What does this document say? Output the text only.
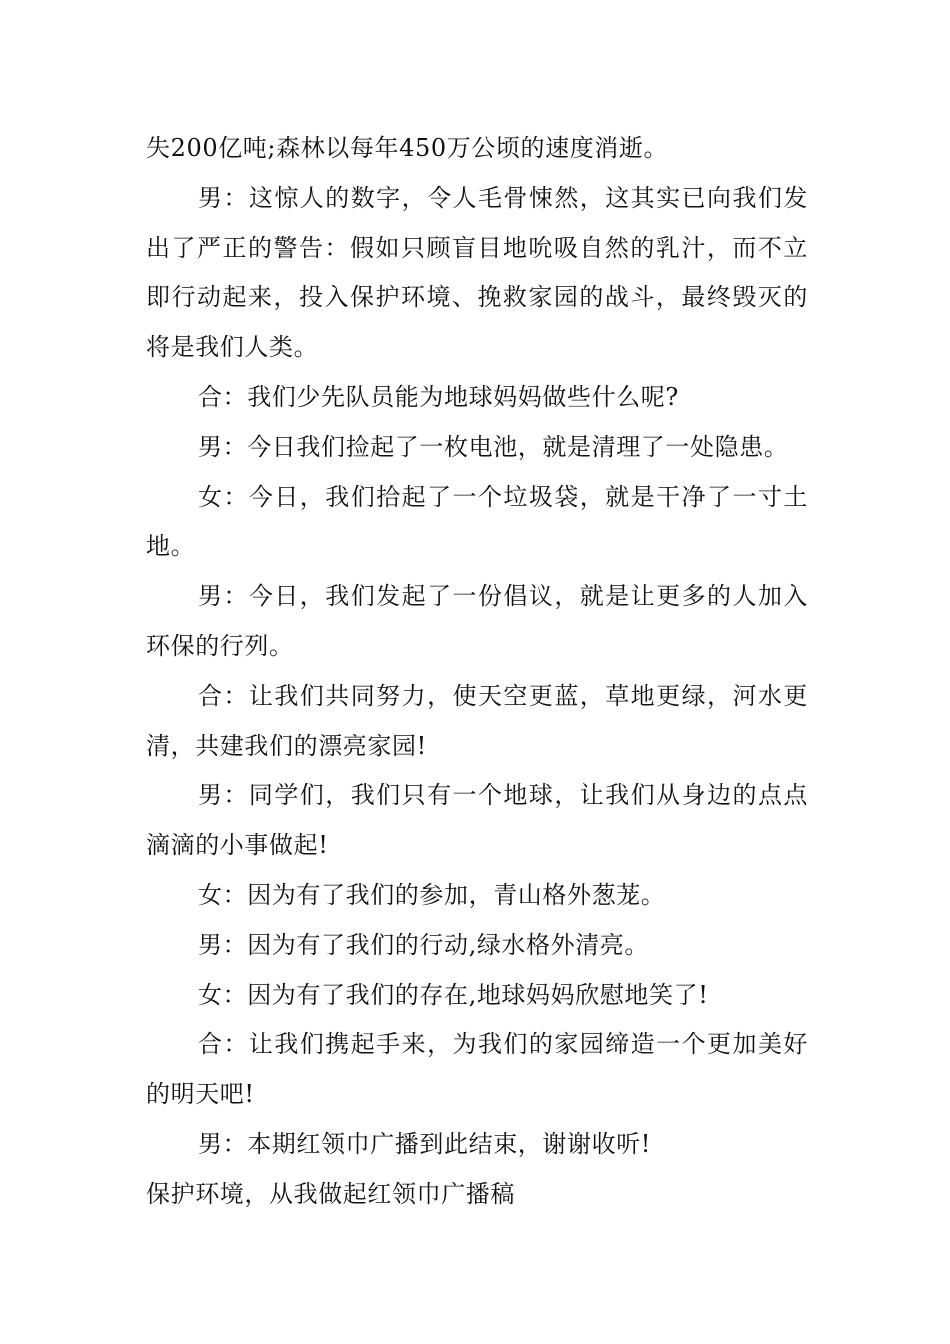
失200亿吨;森林以每年450万公顷的速度消逝。

男：这惊人的数字，令人毛骨悚然，这其实已向我们发出了严正的警告：假如只顾盲目地吮吸自然的乳汁，而不立即行动起来，投入保护环境、挽救家园的战斗，最终毁灭的将是我们人类。

合：我们少先队员能为地球妈妈做些什么呢?

男：今日我们捡起了一枚电池，就是清理了一处隐患。

女：今日，我们拾起了一个垃圾袋，就是干净了一寸土地。

男：今日，我们发起了一份倡议，就是让更多的人加入环保的行列。

合：让我们共同努力，使天空更蓝，草地更绿，河水更清，共建我们的漂亮家园!

男：同学们，我们只有一个地球，让我们从身边的点点滴滴的小事做起!

女：因为有了我们的参加，青山格外葱茏。

男：因为有了我们的行动,绿水格外清亮。

女：因为有了我们的存在,地球妈妈欣慰地笑了!

合：让我们携起手来，为我们的家园缔造一个更加美好的明天吧!

男：本期红领巾广播到此结束，谢谢收听!

保护环境，从我做起红领巾广播稿
